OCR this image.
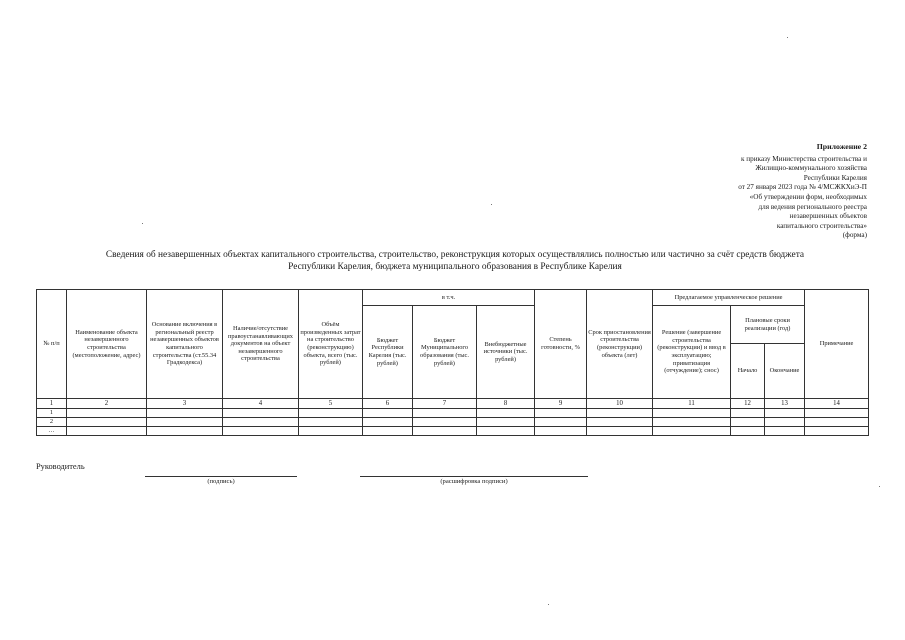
Приложение 2
к приказу Министерства строительства и
Жилищно-коммунального хозяйства
Республики Карелия
от 27 января 2023 года № 4/МСЖКХиЭ-П
«Об утверждении форм, необходимых
для ведения регионального реестра
незавершенных объектов
капитального строительства»
(форма)
Сведения об незавершенных объектах капитального строительства, строительство, реконструкция которых осуществлялись полностью или частично за счёт средств бюджета
Республики Карелия, бюджета муниципального образования в Республике Карелия
№ п/п	Наименование объекта незавершенного строительства (местоположение, адрес)	Основание включения в региональный реестр незавершенных объектов капитального строительства (ст.55.34 Градкодекса)	Наличие/отсутствие правоустанавливающих документов на объект незавершенного строительства	Объём произведенных затрат на строительство (реконструкцию) объекта, всего (тыс. рублей)	в т.ч.			Степень готовности, %	Срок приостановления строительства (реконструкции) объекта (лет)	Предлагаемое управленческое решение			Примечание
					Бюджет Республики Карелия (тыс. рублей)	Бюджет Муниципального образования (тыс. рублей)	Внебюджетные источники (тыс. рублей)			Решение (завершение строительства (реконструкции) и ввод в эксплуатацию; приватизация (отчуждение); снос)	Плановые сроки реализации (год)		
											Начало	Окончание	
1	2	3	4	5	6	7	8	9	10	11	12	13	14
1													
2													
…													
Руководитель
(подпись)	(расшифровка подписи)
